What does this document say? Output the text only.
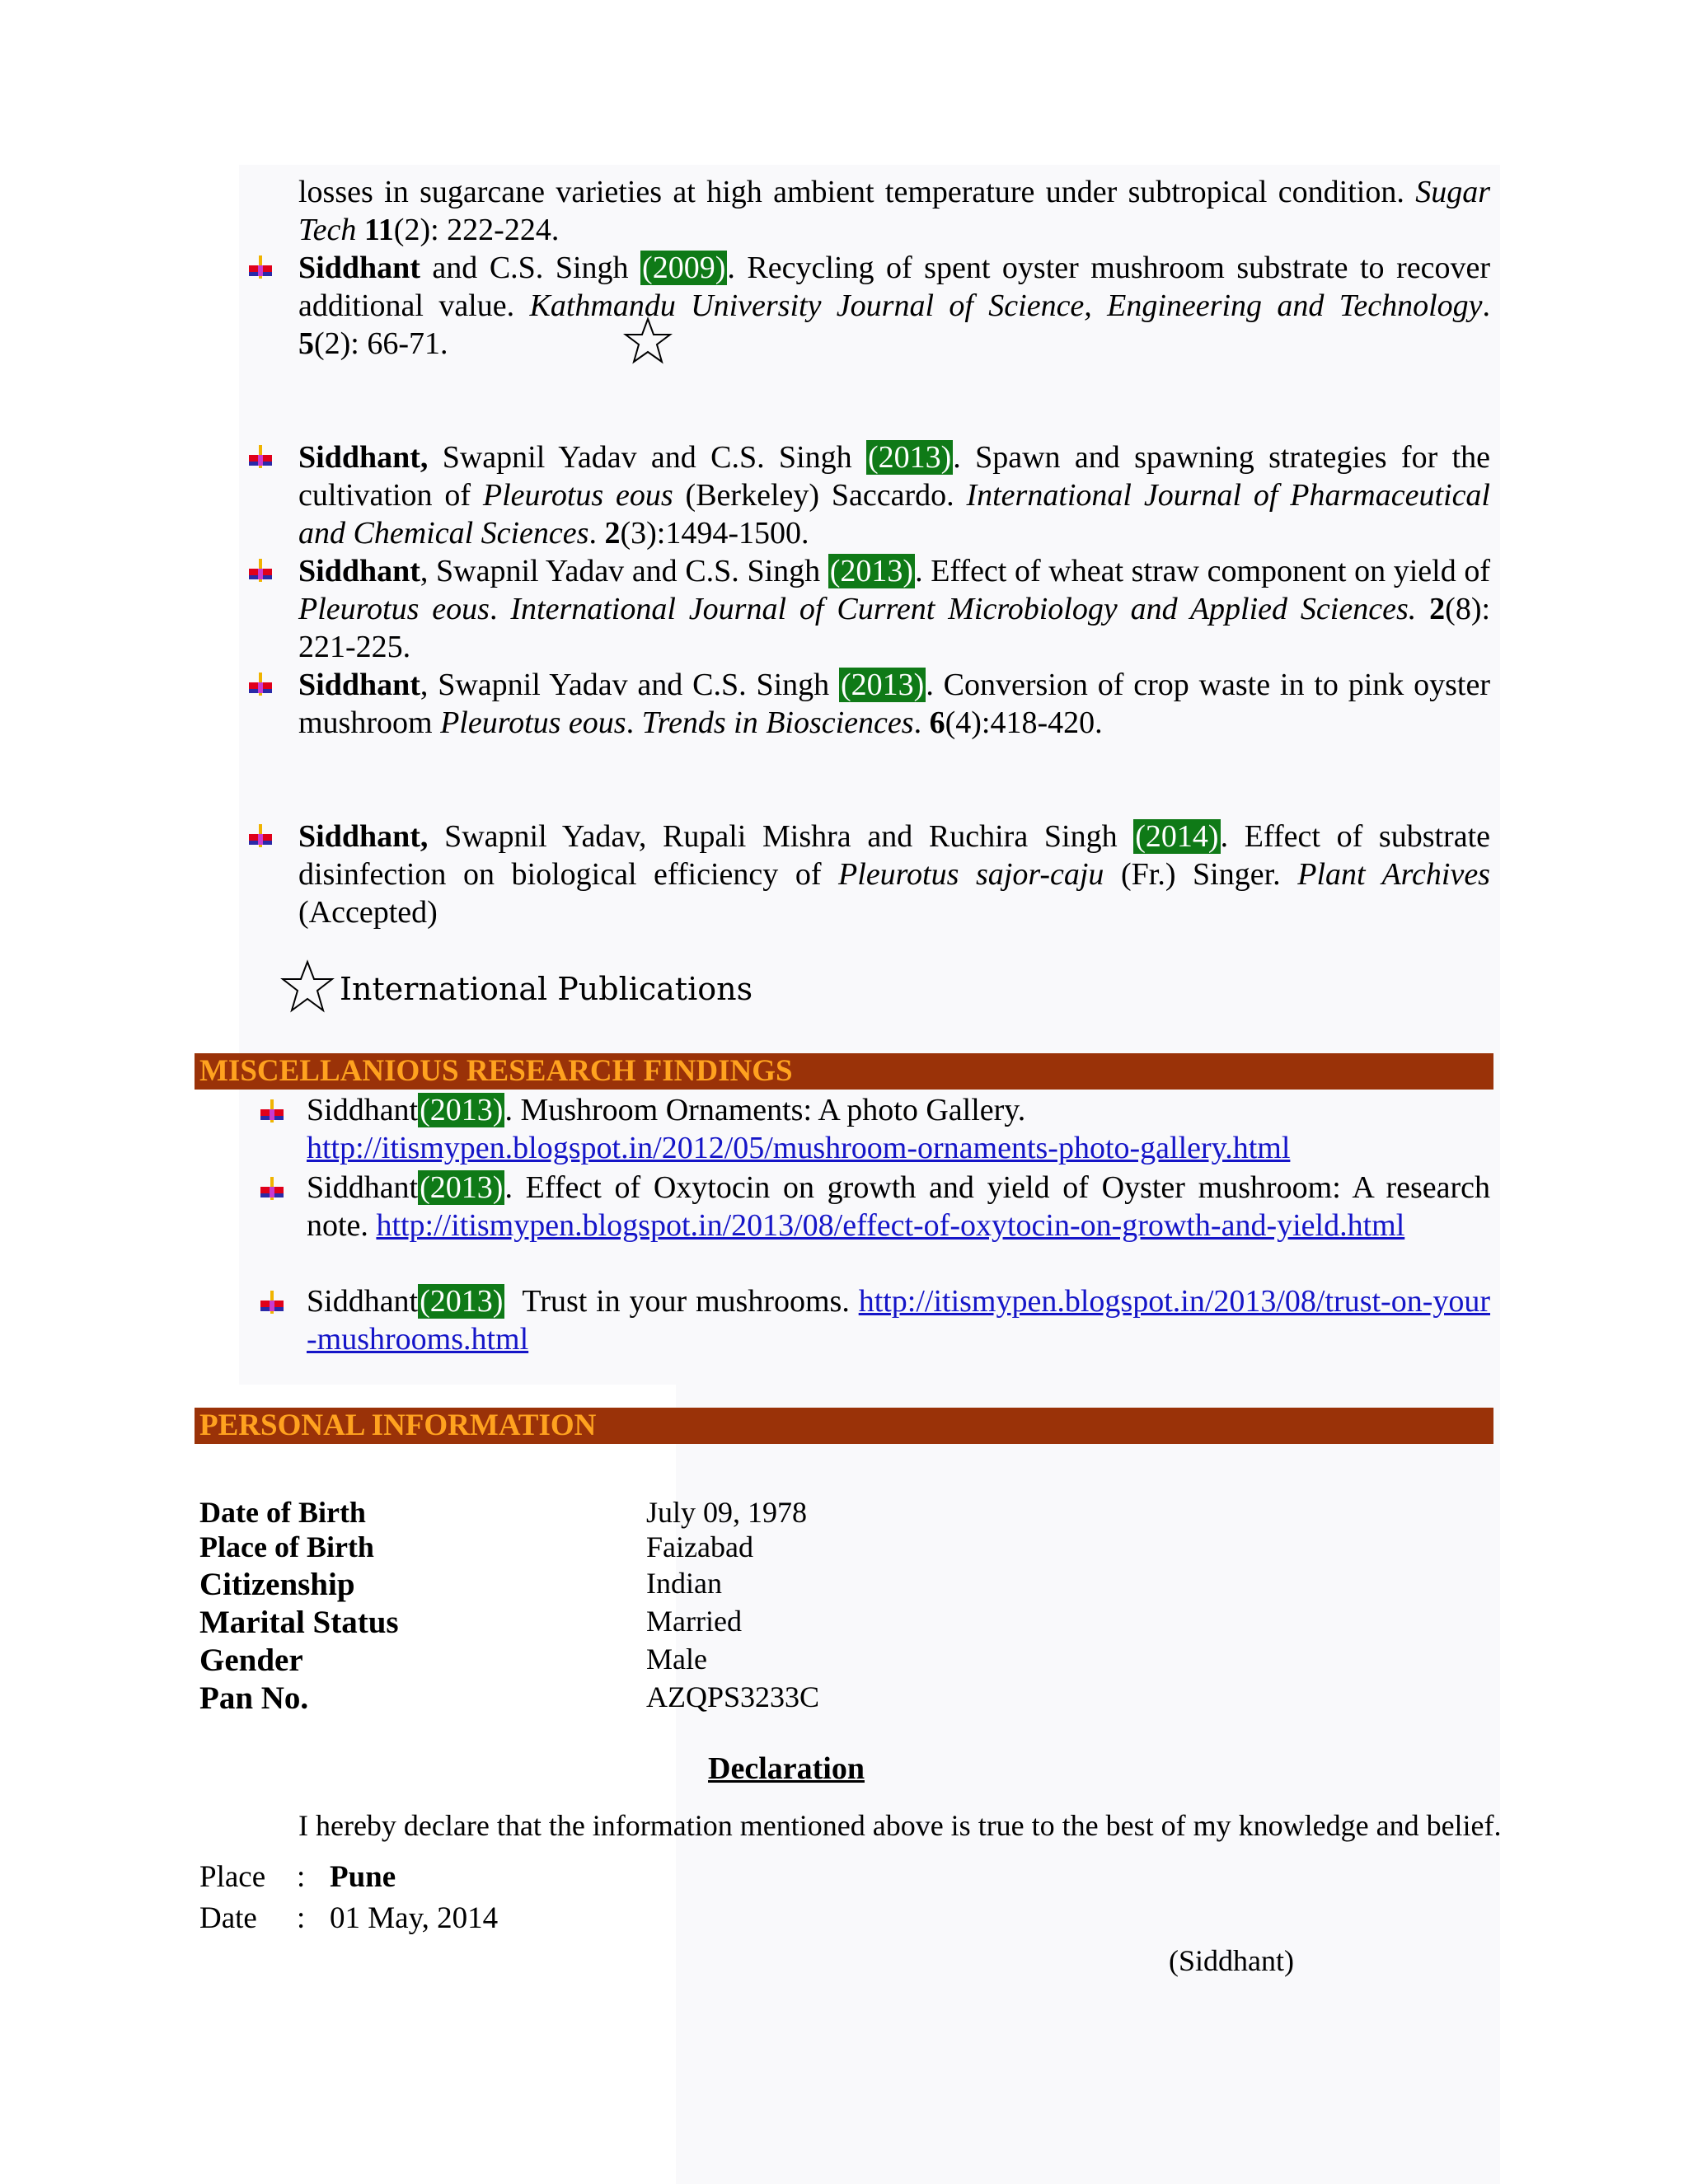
losses in sugarcane varieties at high ambient temperature under subtropical condition. Sugar Tech 11(2): 222-224.
Siddhant and C.S. Singh (2009). Recycling of spent oyster mushroom substrate to recover additional value. Kathmandu University Journal of Science, Engineering and Technology. 5(2): 66-71.
Siddhant, Swapnil Yadav and C.S. Singh (2013). Spawn and spawning strategies for the cultivation of Pleurotus eous (Berkeley) Saccardo. International Journal of Pharmaceutical and Chemical Sciences. 2(3):1494-1500.
Siddhant, Swapnil Yadav and C.S. Singh (2013). Effect of wheat straw component on yield of Pleurotus eous. International Journal of Current Microbiology and Applied Sciences. 2(8): 221-225.
Siddhant, Swapnil Yadav and C.S. Singh (2013). Conversion of crop waste in to pink oyster mushroom Pleurotus eous. Trends in Biosciences. 6(4):418-420.
Siddhant, Swapnil Yadav, Rupali Mishra and Ruchira Singh (2014). Effect of substrate disinfection on biological efficiency of Pleurotus sajor-caju (Fr.) Singer. Plant Archives (Accepted)
International Publications
MISCELLANIOUS RESEARCH FINDINGS
Siddhant(2013). Mushroom Ornaments: A photo Gallery.
http://itismypen.blogspot.in/2012/05/mushroom-ornaments-photo-gallery.html
Siddhant(2013). Effect of Oxytocin on growth and yield of Oyster mushroom: A research note. http://itismypen.blogspot.in/2013/08/effect-of-oxytocin-on-growth-and-yield.html
Siddhant(2013)  Trust in your mushrooms. http://itismypen.blogspot.in/2013/08/trust-on-your-mushrooms.html
PERSONAL INFORMATION
Date of Birth	July 09, 1978
Place of Birth	Faizabad
Citizenship	Indian
Marital Status	Married
Gender	Male
Pan No.	AZQPS3233C
Declaration
I hereby declare that the information mentioned above is true to the best of my knowledge and belief.
Place : Pune
Date : 01 May, 2014
(Siddhant)
